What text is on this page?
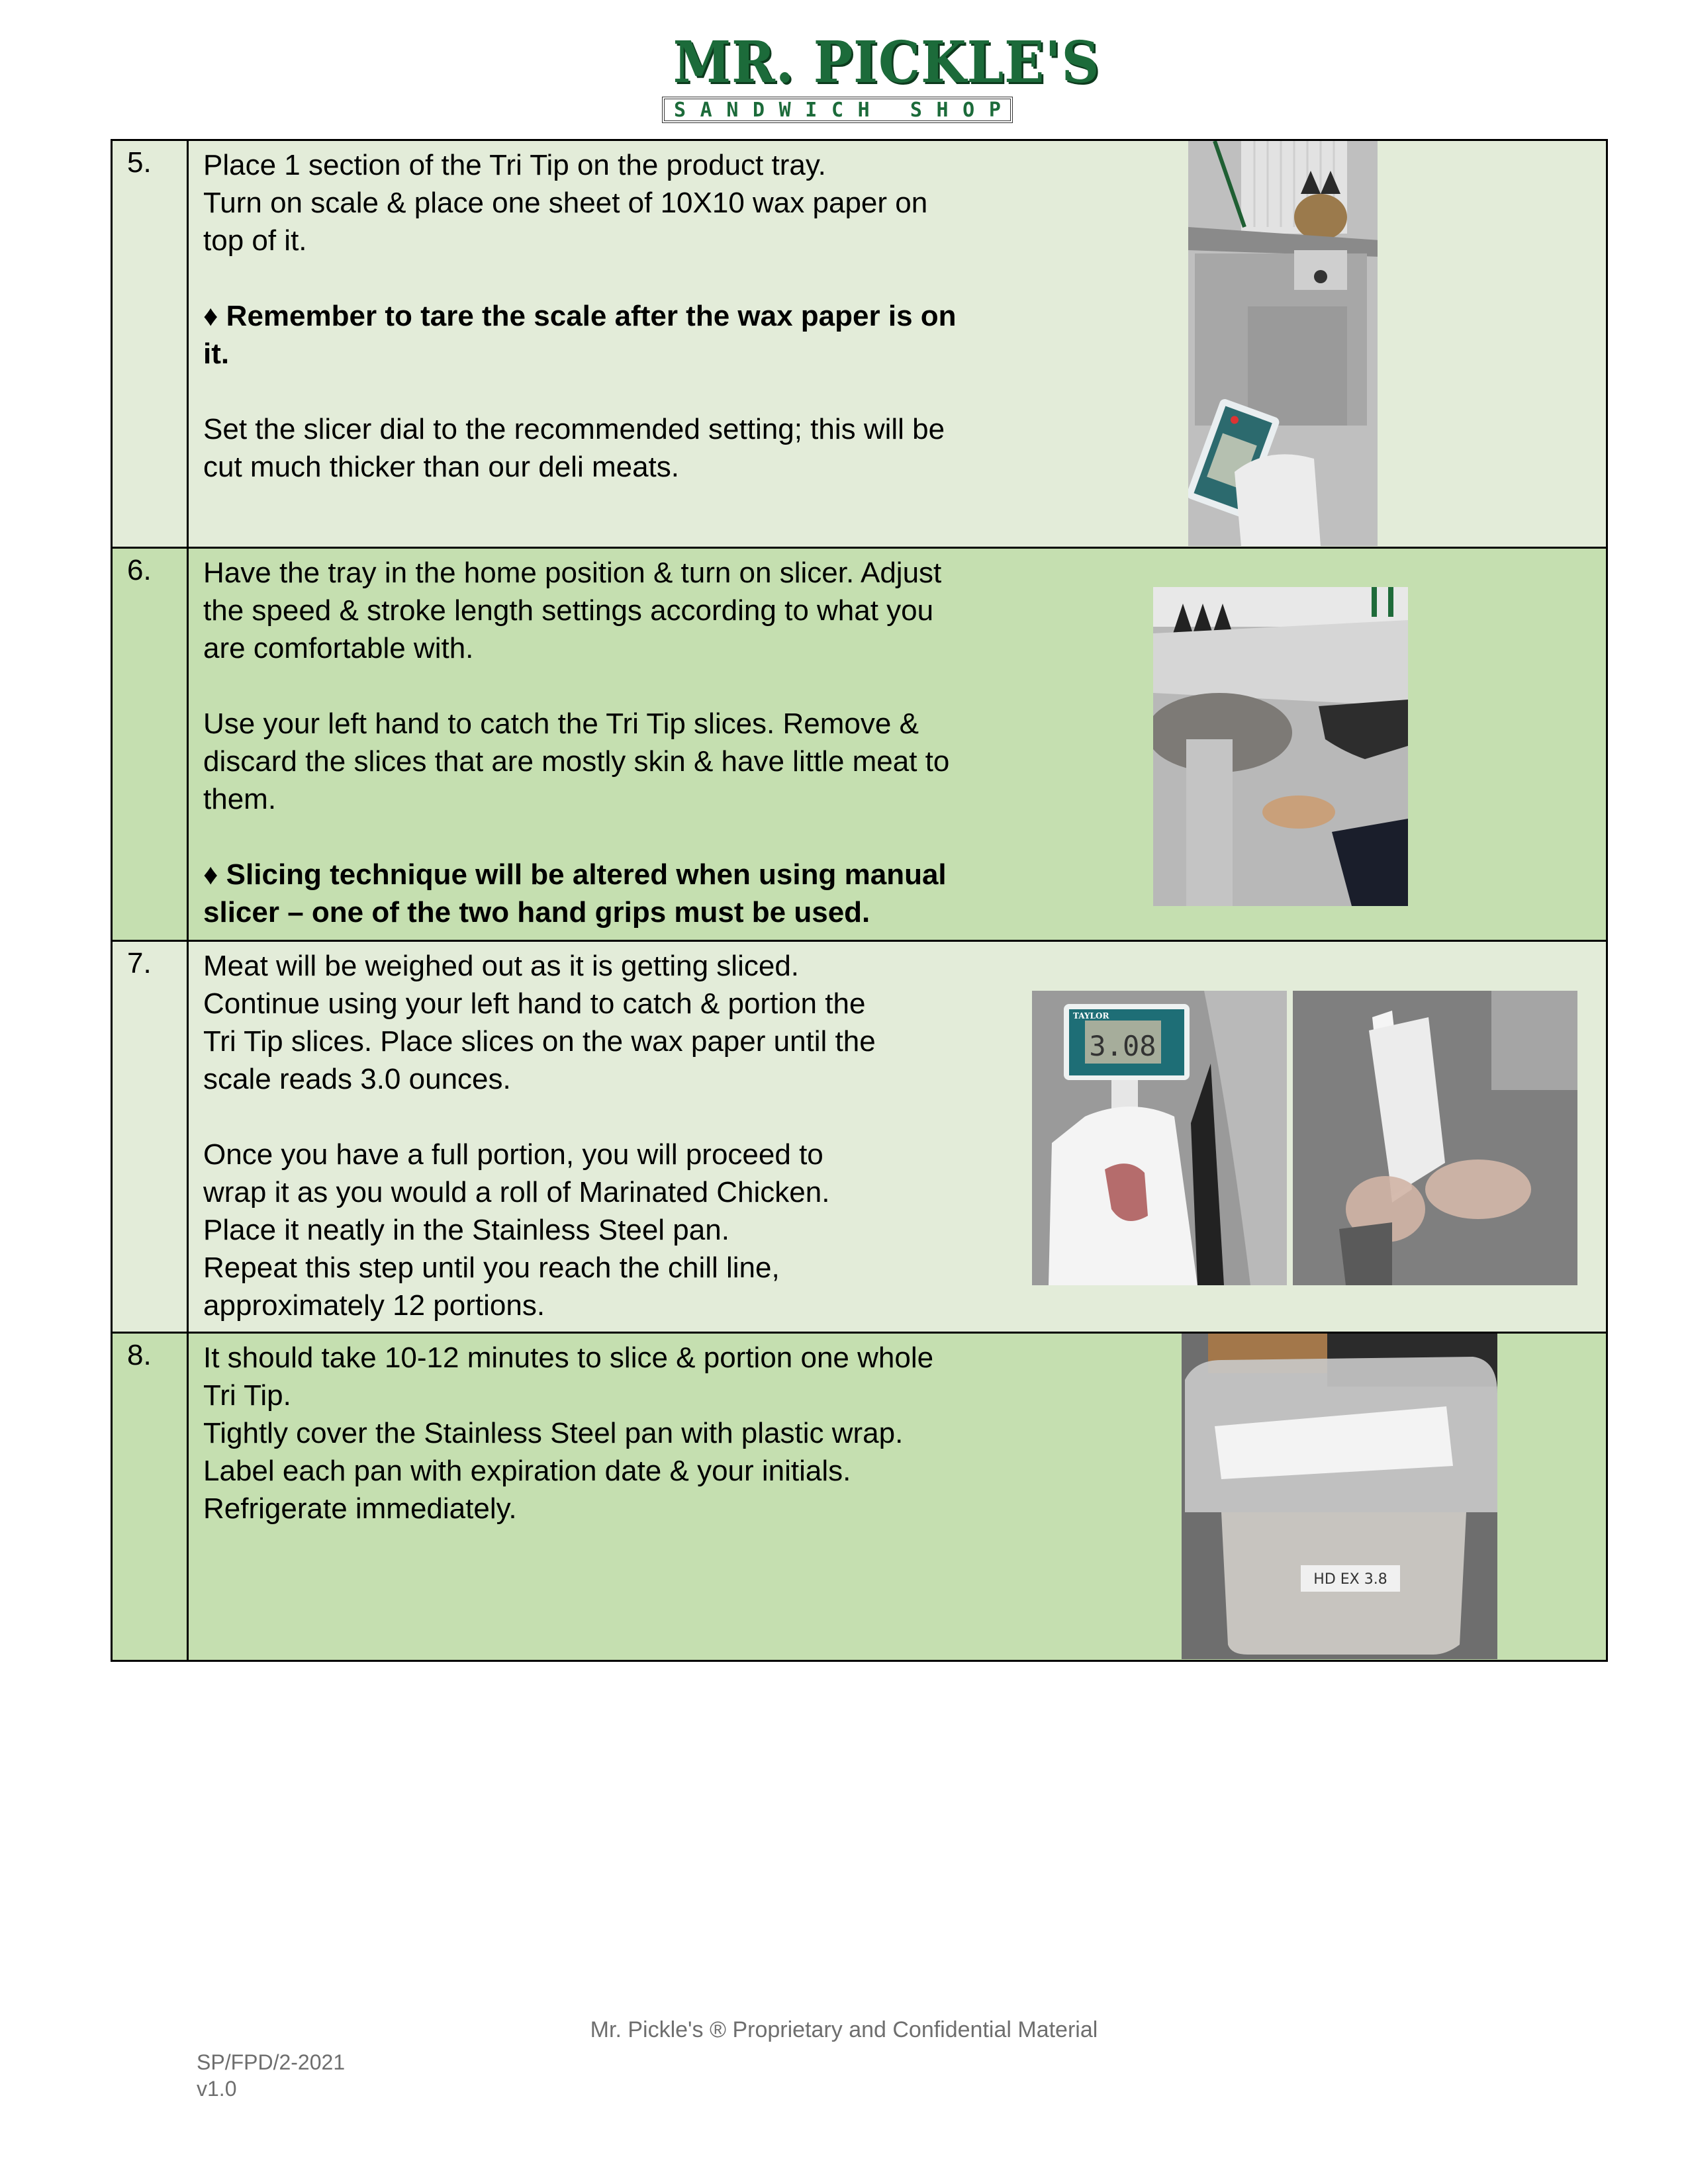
MR. PICKLE'S
S A N D W I C H S H O P
5.	Place 1 section of the Tri Tip on the product tray.

Turn on scale & place one sheet of 10X10 wax paper on

top of it.

♦ Remember to tare the scale after the wax paper is on

it.

Set the slicer dial to the recommended setting; this will be

cut much thicker than our deli meats.

6.	Have the tray in the home position & turn on slicer. Adjust

the speed & stroke length settings according to what you

are comfortable with.

Use your left hand to catch the Tri Tip slices. Remove &

discard the slices that are mostly skin & have little meat to

them.

♦ Slicing technique will be altered when using manual

slicer – one of the two hand grips must be used.

7.	Meat will be weighed out as it is getting sliced.

Continue using your left hand to catch & portion the

Tri Tip slices. Place slices on the wax paper until the

scale reads 3.0 ounces.

Once you have a full portion, you will proceed to

wrap it as you would a roll of Marinated Chicken.

Place it neatly in the Stainless Steel pan.

Repeat this step until you reach the chill line,

approximately 12 portions.

3.08
TAYLOR

8.	It should take 10-12 minutes to slice & portion one whole

Tri Tip.

Tightly cover the Stainless Steel pan with plastic wrap.

Label each pan with expiration date & your initials.

Refrigerate immediately.

HD EX 3.8
Mr. Pickle's ® Proprietary and Confidential Material
SP/FPD/2-2021
v1.0
